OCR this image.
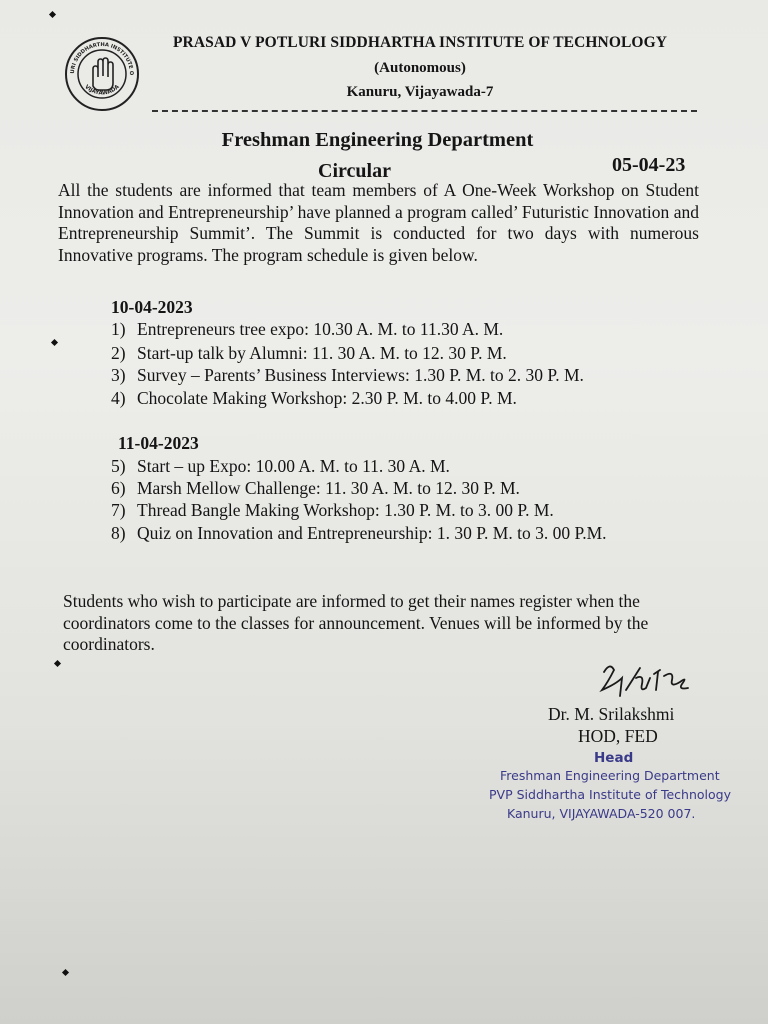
URI SIDDHARTHA INSTITUTE O
VIJAYAWADA
PRASAD V POTLURI SIDDHARTHA INSTITUTE OF TECHNOLOGY
(Autonomous)
Kanuru, Vijayawada-7
Freshman Engineering Department
Circular	05-04-23
All the students are informed that team members of A One-Week Workshop on Student Innovation and Entrepreneurship’ have planned a program called’ Futuristic Innovation and Entrepreneurship Summit’. The Summit is conducted for two days with numerous Innovative programs. The program schedule is given below.
10-04-2023
1) Entrepreneurs tree expo: 10.30 A. M. to 11.30 A. M.
2) Start-up talk by Alumni: 11. 30 A. M. to 12. 30 P. M.
3) Survey – Parents’ Business Interviews: 1.30 P. M. to 2. 30 P. M.
4) Chocolate Making Workshop: 2.30 P. M. to 4.00 P. M.
11-04-2023
5) Start – up Expo: 10.00 A. M. to 11. 30 A. M.
6) Marsh Mellow Challenge: 11. 30 A. M. to 12. 30 P. M.
7) Thread Bangle Making Workshop: 1.30 P. M. to 3. 00 P. M.
8) Quiz on Innovation and Entrepreneurship: 1. 30 P. M. to 3. 00 P.M.
Students who wish to participate are informed to get their names register when the coordinators come to the classes for announcement. Venues will be informed by the coordinators.
Dr. M. Srilakshmi
HOD, FED
Head
Freshman Engineering Department
PVP Siddhartha Institute of Technology
Kanuru, VIJAYAWADA-520 007.
